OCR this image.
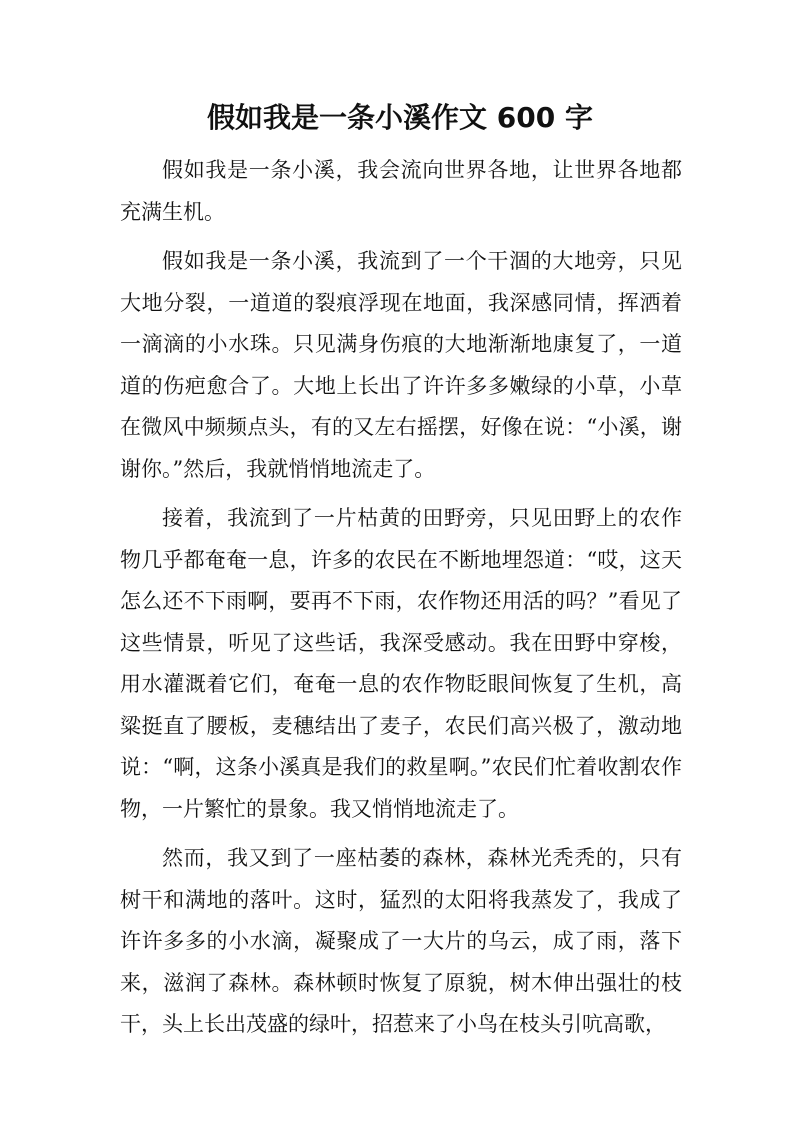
假如我是一条小溪作文 600 字

假如我是一条小溪，我会流向世界各地，让世界各地都充满生机。

假如我是一条小溪，我流到了一个干涸的大地旁，只见大地分裂，一道道的裂痕浮现在地面，我深感同情，挥洒着一滴滴的小水珠。只见满身伤痕的大地渐渐地康复了，一道道的伤疤愈合了。大地上长出了许许多多嫩绿的小草，小草在微风中频频点头，有的又左右摇摆，好像在说：“小溪，谢谢你。”然后，我就悄悄地流走了。

接着，我流到了一片枯黄的田野旁，只见田野上的农作物几乎都奄奄一息，许多的农民在不断地埋怨道：“哎，这天怎么还不下雨啊，要再不下雨，农作物还用活的吗？”看见了这些情景，听见了这些话，我深受感动。我在田野中穿梭，用水灌溉着它们，奄奄一息的农作物眨眼间恢复了生机，高粱挺直了腰板，麦穗结出了麦子，农民们高兴极了，激动地说：“啊，这条小溪真是我们的救星啊。”农民们忙着收割农作物，一片繁忙的景象。我又悄悄地流走了。

然而，我又到了一座枯萎的森林，森林光秃秃的，只有树干和满地的落叶。这时，猛烈的太阳将我蒸发了，我成了许许多多的小水滴，凝聚成了一大片的乌云，成了雨，落下来，滋润了森林。森林顿时恢复了原貌，树木伸出强壮的枝干，头上长出茂盛的绿叶，招惹来了小鸟在枝头引吭高歌，
